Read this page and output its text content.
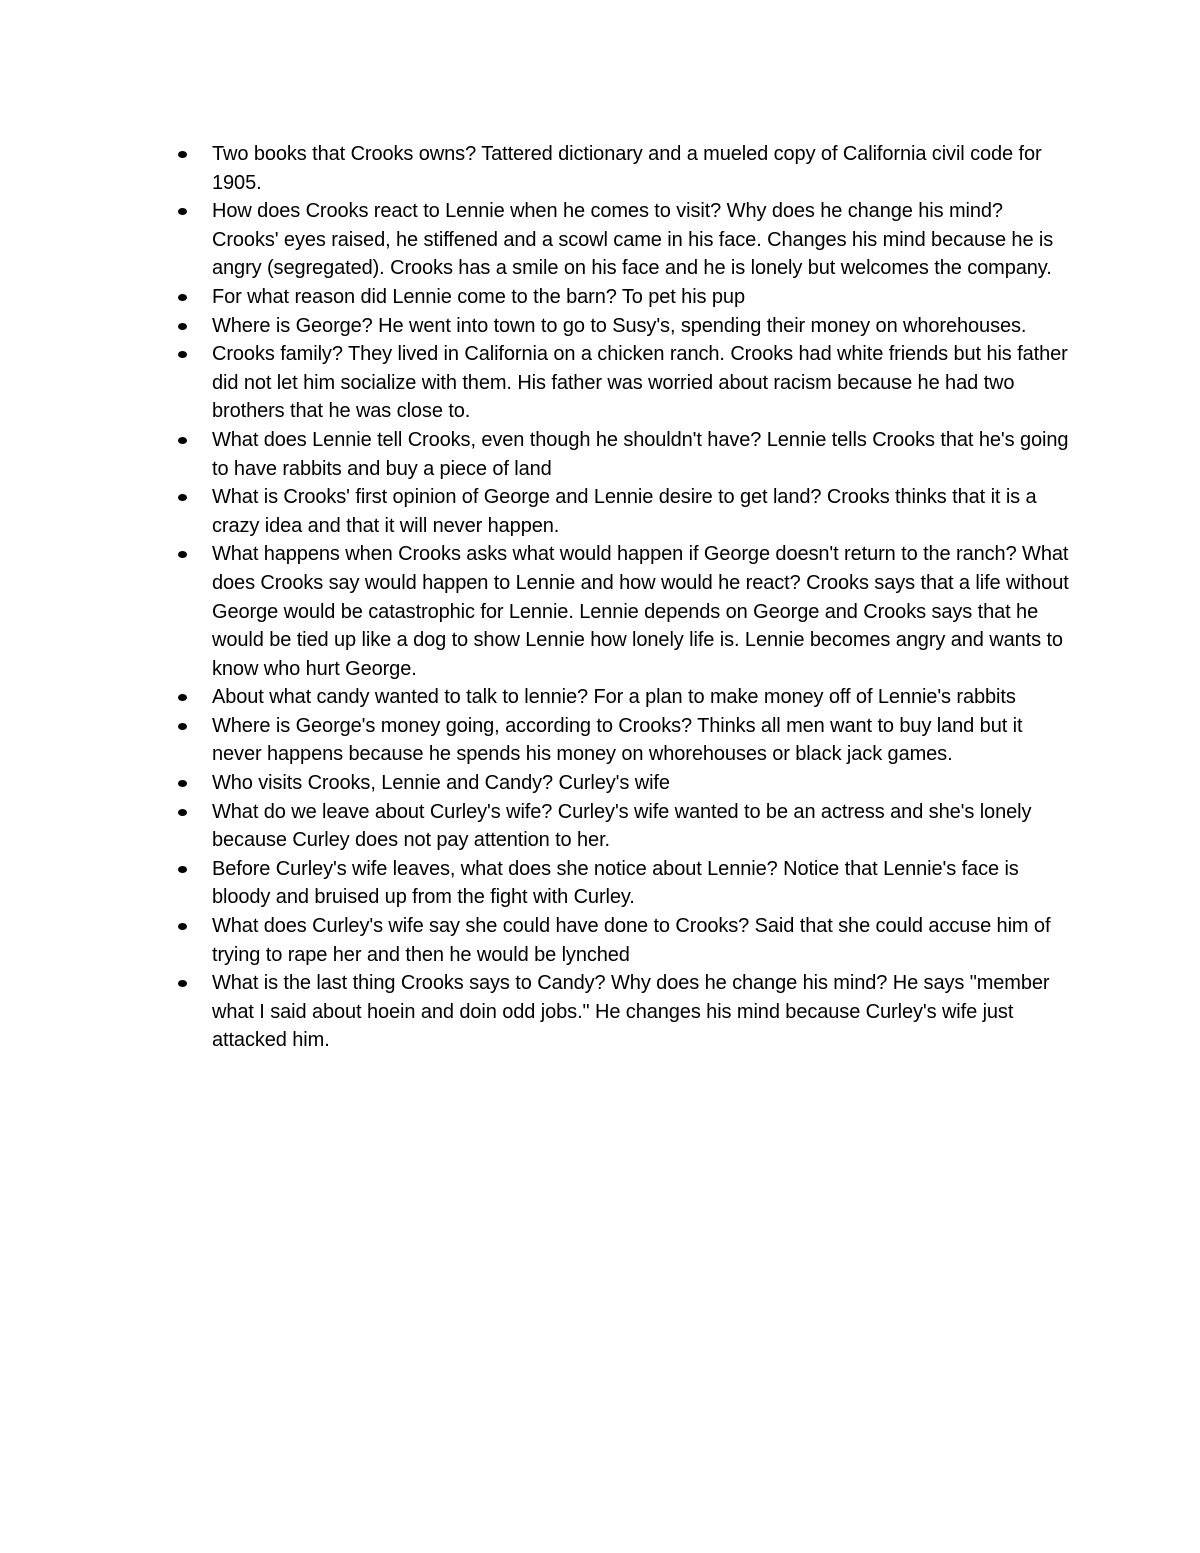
Two books that Crooks owns? Tattered dictionary and a mueled copy of California civil code for 1905.
How does Crooks react to Lennie when he comes to visit? Why does he change his mind? Crooks' eyes raised, he stiffened and a scowl came in his face. Changes his mind because he is angry (segregated). Crooks has a smile on his face and he is lonely but welcomes the company.
For what reason did Lennie come to the barn? To pet his pup
Where is George? He went into town to go to Susy's, spending their money on whorehouses.
Crooks family? They lived in California on a chicken ranch. Crooks had white friends but his father did not let him socialize with them. His father was worried about racism because he had two brothers that he was close to.
What does Lennie tell Crooks, even though he shouldn't have? Lennie tells Crooks that he's going to have rabbits and buy a piece of land
What is Crooks' first opinion of George and Lennie desire to get land? Crooks thinks that it is a crazy idea and that it will never happen.
What happens when Crooks asks what would happen if George doesn't return to the ranch? What does Crooks say would happen to Lennie and how would he react? Crooks says that a life without George would be catastrophic for Lennie. Lennie depends on George and Crooks says that he would be tied up like a dog to show Lennie how lonely life is. Lennie becomes angry and wants to know who hurt George.
About what candy wanted to talk to lennie? For a plan to make money off of Lennie's rabbits
Where is George's money going, according to Crooks? Thinks all men want to buy land but it never happens because he spends his money on whorehouses or black jack games.
Who visits Crooks, Lennie and Candy? Curley's wife
What do we leave about Curley's wife? Curley's wife wanted to be an actress and she's lonely because Curley does not pay attention to her.
Before Curley's wife leaves, what does she notice about Lennie? Notice that Lennie's face is bloody and bruised up from the fight with Curley.
What does Curley's wife say she could have done to Crooks? Said that she could accuse him of trying to rape her and then he would be lynched
What is the last thing Crooks says to Candy? Why does he change his mind? He says "member what I said about hoein and doin odd jobs." He changes his mind because Curley's wife just attacked him.
